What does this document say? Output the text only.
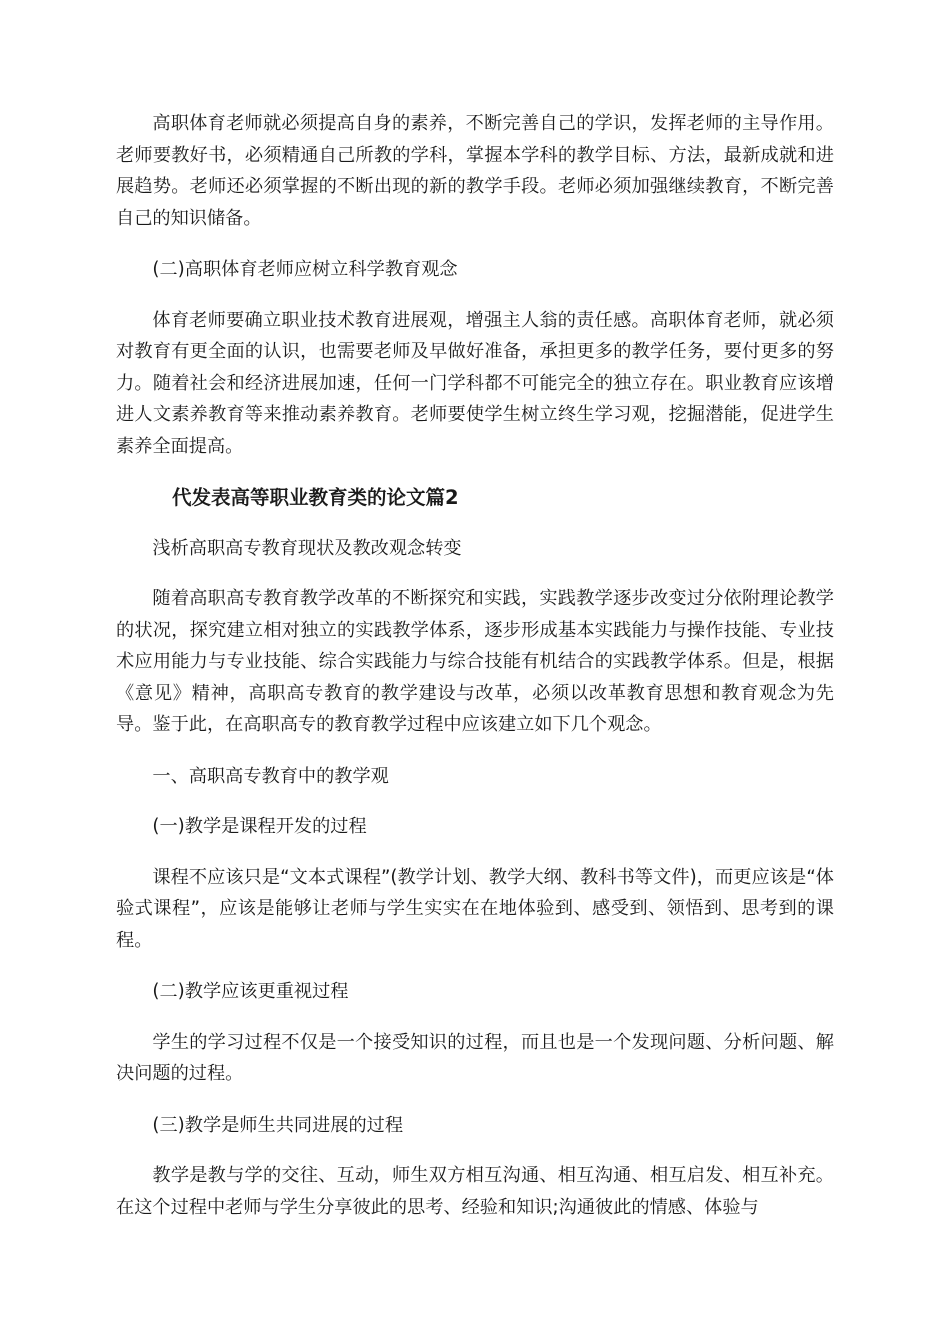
高职体育老师就必须提高自身的素养，不断完善自己的学识，发挥老师的主导作用。老师要教好书，必须精通自己所教的学科，掌握本学科的教学目标、方法，最新成就和进展趋势。老师还必须掌握的不断出现的新的教学手段。老师必须加强继续教育，不断完善自己的知识储备。

(二)高职体育老师应树立科学教育观念

体育老师要确立职业技术教育进展观，增强主人翁的责任感。高职体育老师，就必须对教育有更全面的认识，也需要老师及早做好准备，承担更多的教学任务，要付更多的努力。随着社会和经济进展加速，任何一门学科都不可能完全的独立存在。职业教育应该增进人文素养教育等来推动素养教育。老师要使学生树立终生学习观，挖掘潜能，促进学生素养全面提高。

代发表高等职业教育类的论文篇2

浅析高职高专教育现状及教改观念转变

随着高职高专教育教学改革的不断探究和实践，实践教学逐步改变过分依附理论教学的状况，探究建立相对独立的实践教学体系，逐步形成基本实践能力与操作技能、专业技术应用能力与专业技能、综合实践能力与综合技能有机结合的实践教学体系。但是，根据《意见》精神，高职高专教育的教学建设与改革，必须以改革教育思想和教育观念为先导。鉴于此，在高职高专的教育教学过程中应该建立如下几个观念。

一、高职高专教育中的教学观

(一)教学是课程开发的过程

课程不应该只是“文本式课程”(教学计划、教学大纲、教科书等文件)，而更应该是“体验式课程”，应该是能够让老师与学生实实在在地体验到、感受到、领悟到、思考到的课程。

(二)教学应该更重视过程

学生的学习过程不仅是一个接受知识的过程，而且也是一个发现问题、分析问题、解决问题的过程。

(三)教学是师生共同进展的过程

教学是教与学的交往、互动，师生双方相互沟通、相互沟通、相互启发、相互补充。在这个过程中老师与学生分享彼此的思考、经验和知识;沟通彼此的情感、体验与
